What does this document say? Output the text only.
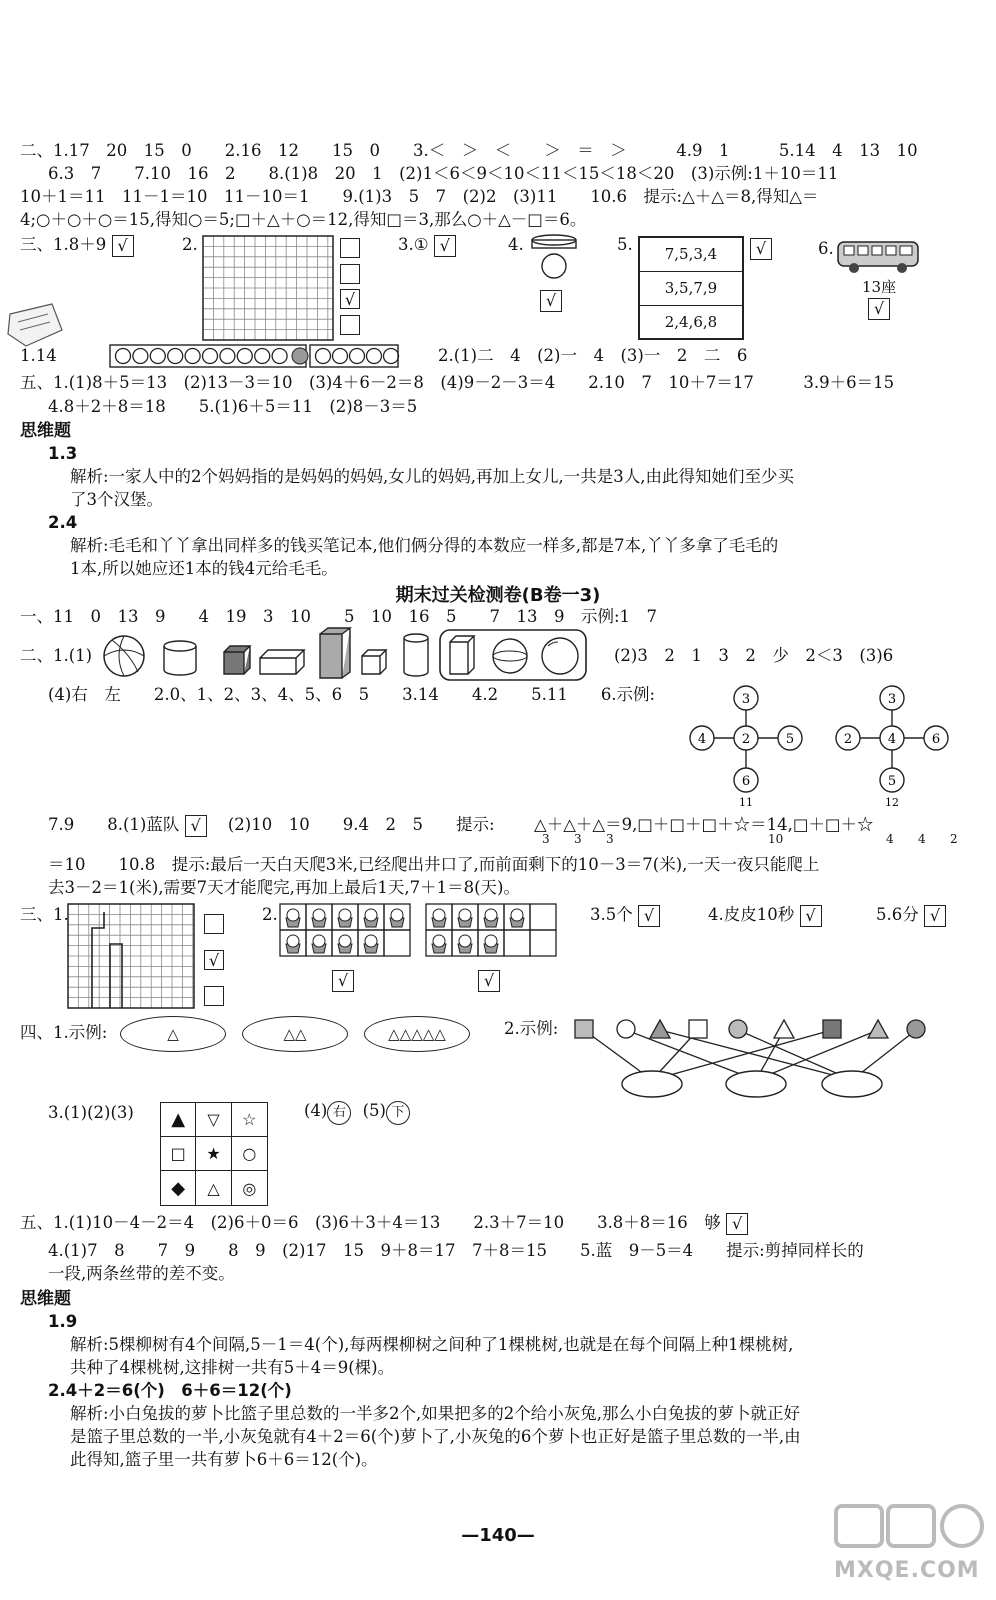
二、1.17　20　15　0　　2.16　12　　15　0　　3.＜　＞　＜　　＞　＝　＞　　　4.9　1　　　5.14　4　13　10
6.3　7　　7.10　16　2　　8.(1)8　20　1　(2)1＜6＜9＜10＜11＜15＜18＜20　(3)示例:1＋10＝11
10＋1＝11　11－1＝10　11－10＝1　　9.(1)3　5　7　(2)2　(3)11　　10.6　提示:△＋△＝8,得知△＝
4;○＋○＋○＝15,得知○＝5;□＋△＋○＝12,得知□＝3,那么○＋△－□＝6。
三、1.8＋9 √	2.
√
3.① √	4.
√
5.	7,5,3,4
3,5,7,9
2,4,6,8
√	6.
13座
√
1.14	2.(1)二　4　(2)一　4　(3)一　2　二　6
五、1.(1)8＋5＝13　(2)13－3＝10　(3)4＋6－2＝8　(4)9－2－3＝4　　2.10　7　10＋7＝17　　　3.9＋6＝15
4.8＋2＋8＝18　　5.(1)6＋5＝11　(2)8－3＝5
思维题
1.3
解析:一家人中的2个妈妈指的是妈妈的妈妈,女儿的妈妈,再加上女儿,一共是3人,由此得知她们至少买
了3个汉堡。
2.4
解析:毛毛和丫丫拿出同样多的钱买笔记本,他们俩分得的本数应一样多,都是7本,丫丫多拿了毛毛的
1本,所以她应还1本的钱4元给毛毛。
期末过关检测卷(B卷一3)
一、11　0　13　9　　4　19　3　10　　5　10　16　5　　7　13　9　示例:1　7
二、1.(1)	(2)3　2　1　3　2　少　2＜3　(3)6
(4)右　左　　2.0、1、2、3、4、5、6　5　　3.14　　4.2　　5.11　　6.示例:	3
4	2	5
6
11
3
2	4	6
5
12
7.9　　8.(1)蓝队 √ (2)10　10　　9.4　2　5　　提示: △＋△＋△＝9,□＋□＋□＋☆＝14,□＋□＋☆
3 3 3	10	4 4 2
＝10　　10.8　提示:最后一天白天爬3米,已经爬出井口了,而前面剩下的10－3＝7(米),一天一夜只能爬上
去3－2＝1(米),需要7天才能爬完,再加上最后1天,7＋1＝8(天)。
三、1.
√
2.
√	√
3.5个 √	4.皮皮10秒 √	5.6分 √
四、1.示例:	△	△△	△△△△△	2.示例:
3.(1)(2)(3)	▲	▽	☆
□	★	○
◆	△	◎
(4) 右 (5) 下
五、1.(1)10－4－2＝4　(2)6＋0＝6　(3)6＋3＋4＝13　　2.3＋7＝10　　3.8＋8＝16　够 √
4.(1)7　8　　7　9　　8　9　(2)17　15　9＋8＝17　7＋8＝15　　5.蓝　9－5＝4　　提示:剪掉同样长的
一段,两条丝带的差不变。
思维题
1.9
解析:5棵柳树有4个间隔,5－1＝4(个),每两棵柳树之间种了1棵桃树,也就是在每个间隔上种1棵桃树,
共种了4棵桃树,这排树一共有5＋4＝9(棵)。
2.4＋2＝6(个)　6＋6＝12(个)
解析:小白兔拔的萝卜比篮子里总数的一半多2个,如果把多的2个给小灰兔,那么小白兔拔的萝卜就正好
是篮子里总数的一半,小灰兔就有4＋2＝6(个)萝卜了,小灰兔的6个萝卜也正好是篮子里总数的一半,由
此得知,篮子里一共有萝卜6＋6＝12(个)。
—140—
MXQE.COM
